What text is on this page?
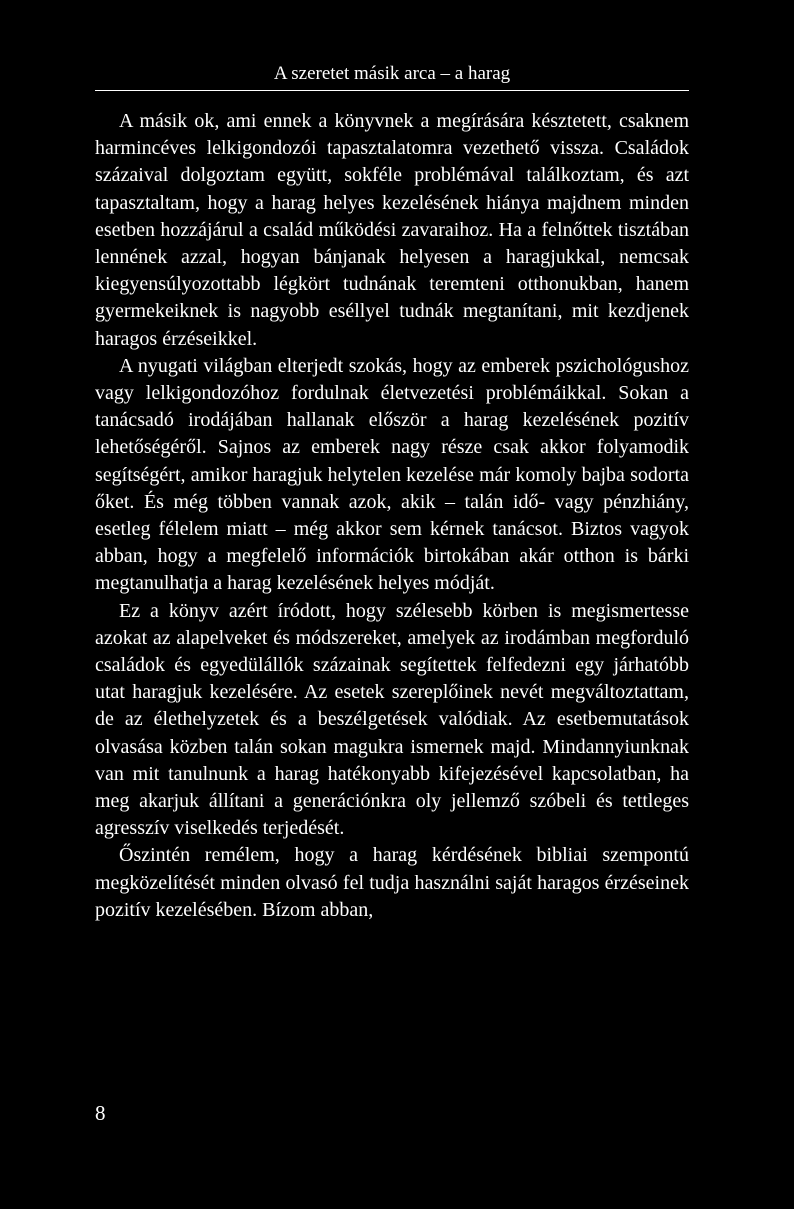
A szeretet másik arca – a harag

A másik ok, ami ennek a könyvnek a megírására késztetett, csaknem harmincéves lelkigondozói tapasztalatomra vezethető vissza. Családok százaival dolgoztam együtt, sokféle problémával találkoztam, és azt tapasztaltam, hogy a harag helyes kezelésének hiánya majdnem minden esetben hozzájárul a család működési zavaraihoz. Ha a felnőttek tisztában lennének azzal, hogyan bánjanak helyesen a haragjukkal, nemcsak kiegyensúlyozottabb légkört tudnának teremteni otthonukban, hanem gyermekeiknek is nagyobb eséllyel tudnák megtanítani, mit kezdjenek haragos érzéseikkel.

A nyugati világban elterjedt szokás, hogy az emberek pszichológushoz vagy lelkigondozóhoz fordulnak életvezetési problémáikkal. Sokan a tanácsadó irodájában hallanak először a harag kezelésének pozitív lehetőségéről. Sajnos az emberek nagy része csak akkor folyamodik segítségért, amikor haragjuk helytelen kezelése már komoly bajba sodorta őket. És még többen vannak azok, akik – talán idő- vagy pénzhiány, esetleg félelem miatt – még akkor sem kérnek tanácsot. Biztos vagyok abban, hogy a megfelelő információk birtokában akár otthon is bárki megtanulhatja a harag kezelésének helyes módját.

Ez a könyv azért íródott, hogy szélesebb körben is megismertesse azokat az alapelveket és módszereket, amelyek az irodámban megforduló családok és egyedülállók százainak segítettek felfedezni egy járhatóbb utat haragjuk kezelésére. Az esetek szereplőinek nevét megváltoztattam, de az élethelyzetek és a beszélgetések valódiak. Az esetbemutatások olvasása közben talán sokan magukra ismernek majd. Mindannyiunknak van mit tanulnunk a harag hatékonyabb kifejezésével kapcsolatban, ha meg akarjuk állítani a generációnkra oly jellemző szóbeli és tettleges agresszív viselkedés terjedését.

Őszintén remélem, hogy a harag kérdésének bibliai szempontú megközelítését minden olvasó fel tudja használni saját haragos érzéseinek pozitív kezelésében. Bízom abban,

8
